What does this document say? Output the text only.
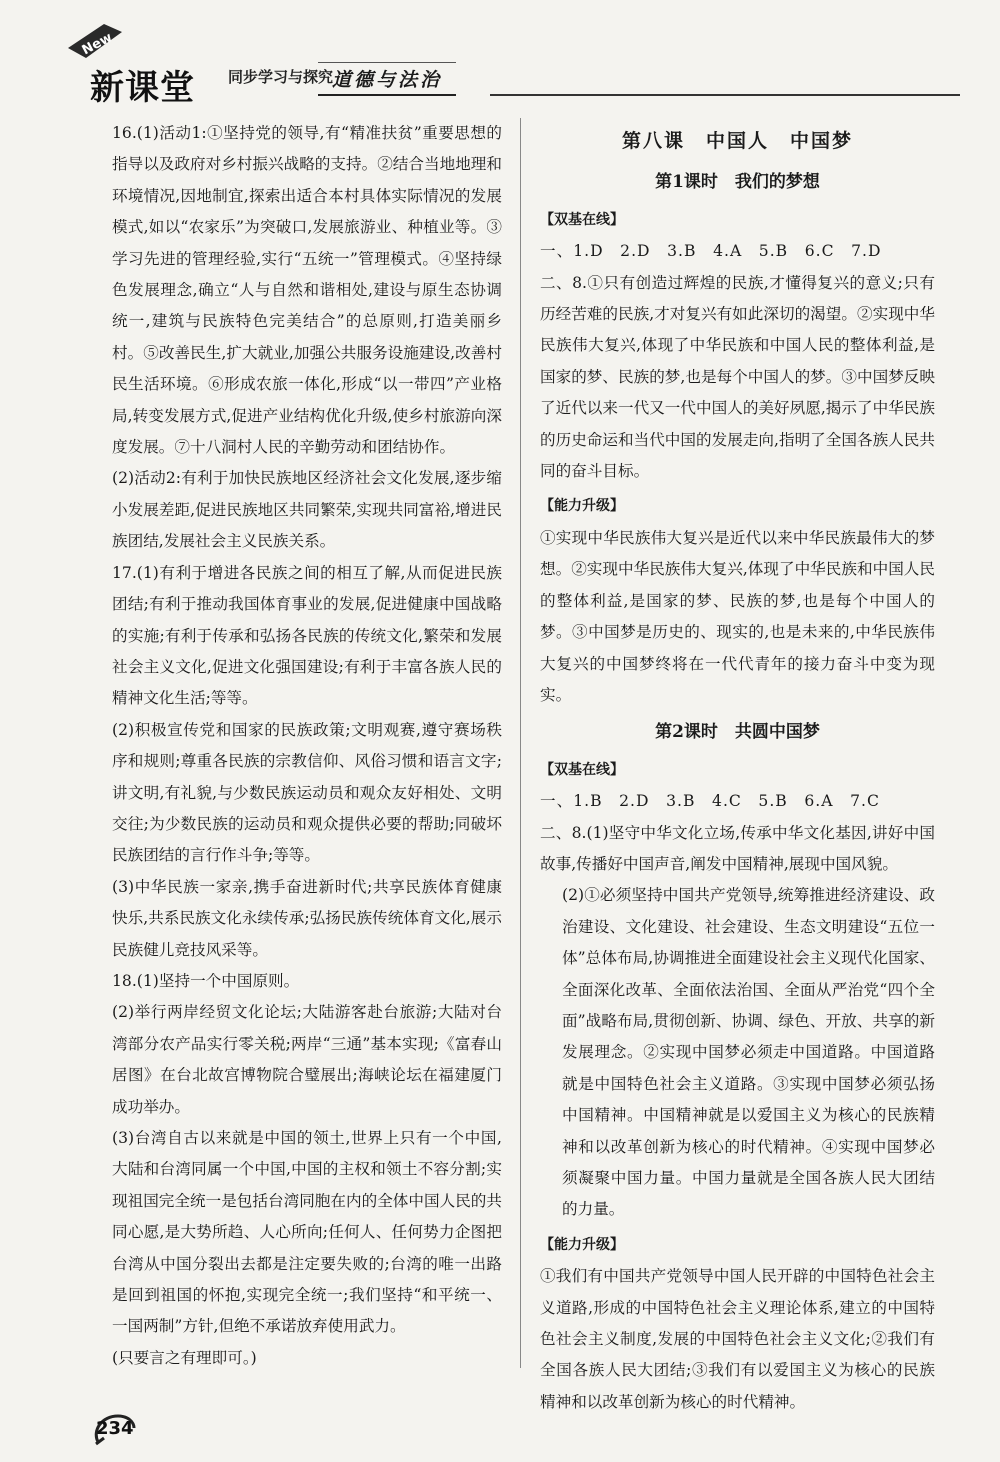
New
新课堂 同步学习与探究
道德与法治

16.(1)活动1:①坚持党的领导,有“精准扶贫”重要思想的指导以及政府对乡村振兴战略的支持。②结合当地地理和环境情况,因地制宜,探索出适合本村具体实际情况的发展模式,如以“农家乐”为突破口,发展旅游业、种植业等。③学习先进的管理经验,实行“五统一”管理模式。④坚持绿色发展理念,确立“人与自然和谐相处,建设与原生态协调统一,建筑与民族特色完美结合”的总原则,打造美丽乡村。⑤改善民生,扩大就业,加强公共服务设施建设,改善村民生活环境。⑥形成农旅一体化,形成“以一带四”产业格局,转变发展方式,促进产业结构优化升级,使乡村旅游向深度发展。⑦十八洞村人民的辛勤劳动和团结协作。

(2)活动2:有利于加快民族地区经济社会文化发展,逐步缩小发展差距,促进民族地区共同繁荣,实现共同富裕,增进民族团结,发展社会主义民族关系。

17.(1)有利于增进各民族之间的相互了解,从而促进民族团结;有利于推动我国体育事业的发展,促进健康中国战略的实施;有利于传承和弘扬各民族的传统文化,繁荣和发展社会主义文化,促进文化强国建设;有利于丰富各族人民的精神文化生活;等等。

(2)积极宣传党和国家的民族政策;文明观赛,遵守赛场秩序和规则;尊重各民族的宗教信仰、风俗习惯和语言文字;讲文明,有礼貌,与少数民族运动员和观众友好相处、文明交往;为少数民族的运动员和观众提供必要的帮助;同破坏民族团结的言行作斗争;等等。

(3)中华民族一家亲,携手奋进新时代;共享民族体育健康快乐,共系民族文化永续传承;弘扬民族传统体育文化,展示民族健儿竞技风采等。

18.(1)坚持一个中国原则。

(2)举行两岸经贸文化论坛;大陆游客赴台旅游;大陆对台湾部分农产品实行零关税;两岸“三通”基本实现;《富春山居图》在台北故宫博物院合璧展出;海峡论坛在福建厦门成功举办。

(3)台湾自古以来就是中国的领土,世界上只有一个中国,大陆和台湾同属一个中国,中国的主权和领土不容分割;实现祖国完全统一是包括台湾同胞在内的全体中国人民的共同心愿,是大势所趋、人心所向;任何人、任何势力企图把台湾从中国分裂出去都是注定要失败的;台湾的唯一出路是回到祖国的怀抱,实现完全统一;我们坚持“和平统一、一国两制”方针,但绝不承诺放弃使用武力。

(只要言之有理即可。)

第八课　中国人　中国梦
第1课时　我们的梦想
【双基在线】

一、1.D　2.D　3.B　4.A　5.B　6.C　7.D

二、8.①只有创造过辉煌的民族,才懂得复兴的意义;只有历经苦难的民族,才对复兴有如此深切的渴望。②实现中华民族伟大复兴,体现了中华民族和中国人民的整体利益,是国家的梦、民族的梦,也是每个中国人的梦。③中国梦反映了近代以来一代又一代中国人的美好夙愿,揭示了中华民族的历史命运和当代中国的发展走向,指明了全国各族人民共同的奋斗目标。

【能力升级】

①实现中华民族伟大复兴是近代以来中华民族最伟大的梦想。②实现中华民族伟大复兴,体现了中华民族和中国人民的整体利益,是国家的梦、民族的梦,也是每个中国人的梦。③中国梦是历史的、现实的,也是未来的,中华民族伟大复兴的中国梦终将在一代代青年的接力奋斗中变为现实。

第2课时　共圆中国梦
【双基在线】

一、1.B　2.D　3.B　4.C　5.B　6.A　7.C

二、8.(1)坚守中华文化立场,传承中华文化基因,讲好中国故事,传播好中国声音,阐发中国精神,展现中国风貌。

(2)①必须坚持中国共产党领导,统筹推进经济建设、政治建设、文化建设、社会建设、生态文明建设“五位一体”总体布局,协调推进全面建设社会主义现代化国家、全面深化改革、全面依法治国、全面从严治党“四个全面”战略布局,贯彻创新、协调、绿色、开放、共享的新发展理念。②实现中国梦必须走中国道路。中国道路就是中国特色社会主义道路。③实现中国梦必须弘扬中国精神。中国精神就是以爱国主义为核心的民族精神和以改革创新为核心的时代精神。④实现中国梦必须凝聚中国力量。中国力量就是全国各族人民大团结的力量。

【能力升级】

①我们有中国共产党领导中国人民开辟的中国特色社会主义道路,形成的中国特色社会主义理论体系,建立的中国特色社会主义制度,发展的中国特色社会主义文化;②我们有全国各族人民大团结;③我们有以爱国主义为核心的民族精神和以改革创新为核心的时代精神。

234
